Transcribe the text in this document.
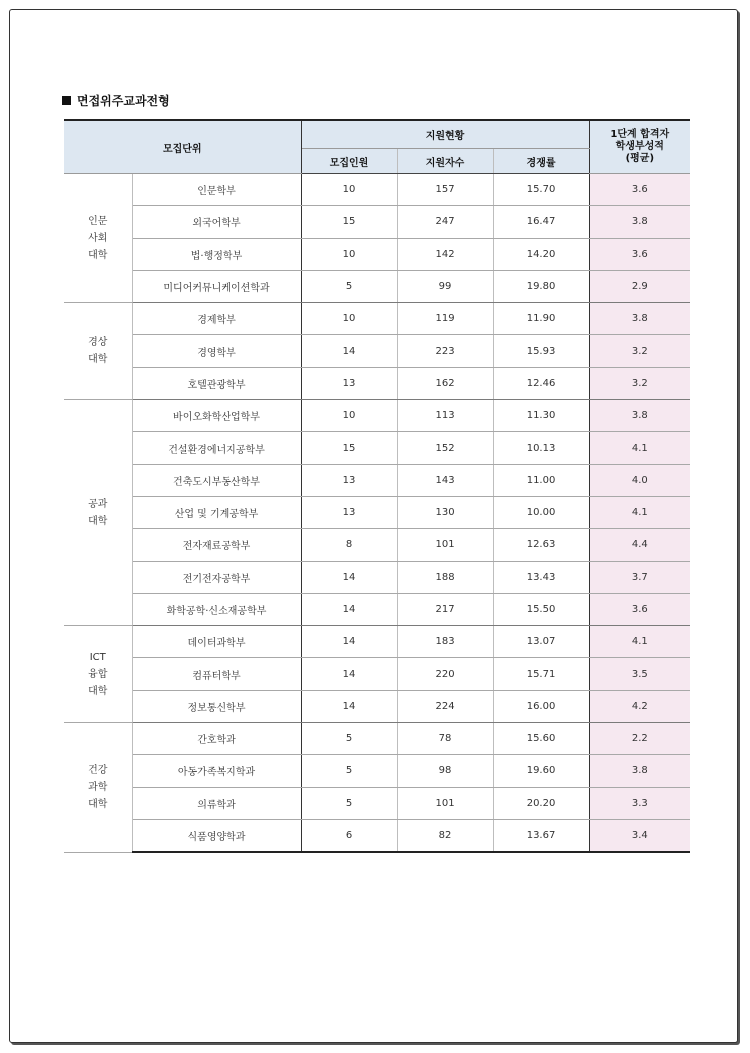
면접위주교과전형
모집단위		지원현황			1단계 합격자
학생부성적
(평균)

		모집인원	지원자수	경쟁률	

인문
사회
대학	인문학부	10	157	15.70	3.6
	외국어학부	15	247	16.47	3.8
	법·행정학부	10	142	14.20	3.6
	미디어커뮤니케이션학과	5	99	19.80	2.9

경상
대학	경제학부	10	119	11.90	3.8
	경영학부	14	223	15.93	3.2
	호텔관광학부	13	162	12.46	3.2

공과
대학	바이오화학산업학부	10	113	11.30	3.8
	건설환경에너지공학부	15	152	10.13	4.1
	건축도시부동산학부	13	143	11.00	4.0
	산업 및 기계공학부	13	130	10.00	4.1
	전자재료공학부	8	101	12.63	4.4
	전기전자공학부	14	188	13.43	3.7
	화학공학·신소재공학부	14	217	15.50	3.6

ICT
융합
대학	데이터과학부	14	183	13.07	4.1
	컴퓨터학부	14	220	15.71	3.5
	정보통신학부	14	224	16.00	4.2

건강
과학
대학	간호학과	5	78	15.60	2.2
	아동가족복지학과	5	98	19.60	3.8
	의류학과	5	101	20.20	3.3
	식품영양학과	6	82	13.67	3.4
